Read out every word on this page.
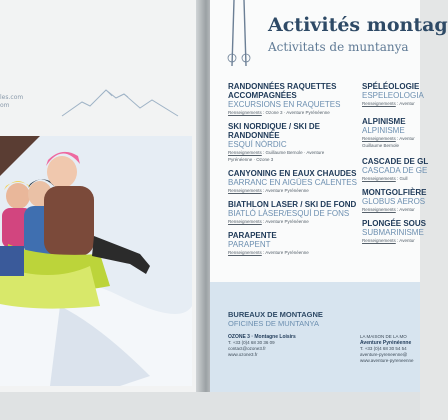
les.com
om
Activités montag
Activitats de muntanya
RANDONNÉES RAQUETTES
ACCOMPAGNÉES
EXCURSIONS EN RAQUETES
Renseignements : Ozone 3 · Aventure Pyrénéenne
SKI NORDIQUE / SKI DE
RANDONNÉE
ESQUÍ NÒRDIC
Renseignements : Guillaume Bernole · Aventure
Pyrénéenne · Ozone 3
CANYONING EN EAUX CHAUDES
BARRANC EN AIGÜES CALENTES
Renseignements : Aventure Pyrénéenne
BIATHLON LASER / SKI DE FOND
BIATLÓ LÀSER/ESQUÍ DE FONS
Renseignements : Aventure Pyrénéenne
PARAPENTE
PARAPENT
Renseignements : Aventure Pyrénéenne
SPÉLÉOLOGIE
ESPELEOLOGIA
Renseignements : Aventur
ALPINISME
ALPINISME
Renseignements : Aventur
Guillaume Bernole
CASCADE DE GL
CASCADA DE GE
Renseignements : Gull
MONTGOLFIÈRE
GLOBUS AEROS
Renseignements : Aventur
PLONGÉE SOUS
SUBMARINISME
Renseignements : Aventur
BUREAUX DE MONTAGNE
OFICINES DE MUNTANYA
OZONE 3 · Montagne Loisirs
T. +33 (0)4 68 30 36 09
contact@ozone3.fr
www.ozone3.fr
LA MAISON DE LA MO
Aventure Pyrénéenne
T. +33 (0)4 68 30 54 54
aventure-pyreneenne@
www.aventure-pyreneenne
